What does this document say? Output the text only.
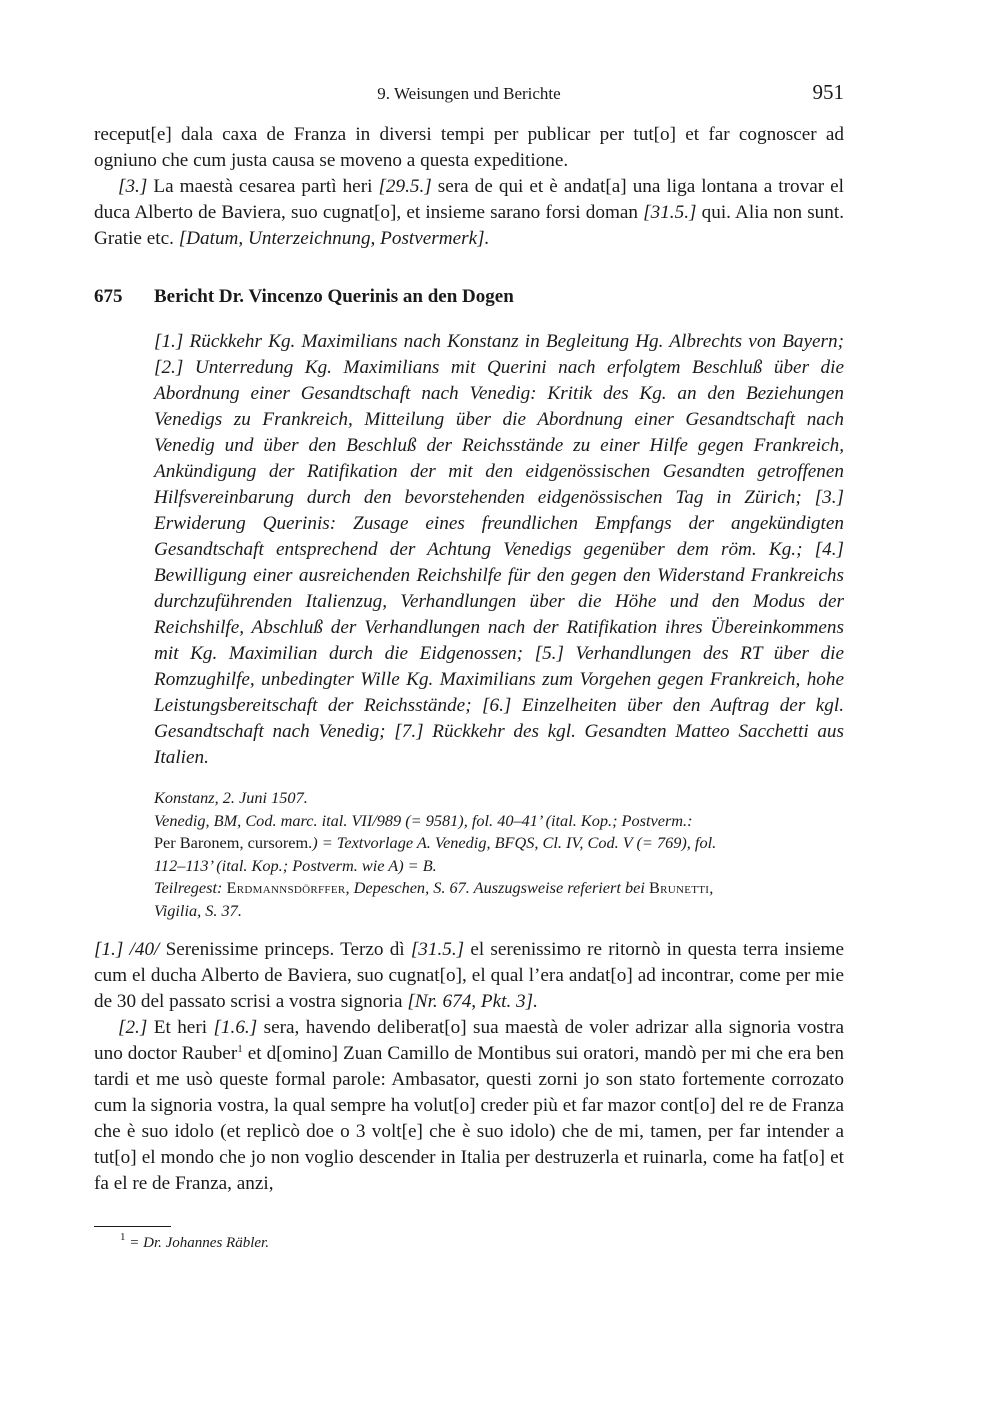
9. Weisungen und Berichte	951

receput[e] dala caxa de Franza in diversi tempi per publicar per tut[o] et far cognoscer ad ogniuno che cum justa causa se moveno a questa expeditione.

[3.] La maestà cesarea partì heri [29.5.] sera de qui et è andat[a] una liga lontana a trovar el duca Alberto de Baviera, suo cugnat[o], et insieme sarano forsi doman [31.5.] qui. Alia non sunt. Gratie etc. [Datum, Unterzeichnung, Postvermerk].

675 Bericht Dr. Vincenzo Querinis an den Dogen

[1.] Rückkehr Kg. Maximilians nach Konstanz in Begleitung Hg. Albrechts von Bayern; [2.] Unterredung Kg. Maximilians mit Querini nach erfolgtem Beschluß über die Abordnung einer Gesandtschaft nach Venedig: Kritik des Kg. an den Beziehungen Venedigs zu Frankreich, Mitteilung über die Abordnung einer Gesandtschaft nach Venedig und über den Beschluß der Reichsstände zu einer Hilfe gegen Frankreich, Ankündigung der Ratifikation der mit den eidgenössischen Gesandten getroffenen Hilfsvereinbarung durch den bevorstehenden eidgenössischen Tag in Zürich; [3.] Erwiderung Querinis: Zusage eines freundlichen Empfangs der angekündigten Gesandtschaft entsprechend der Achtung Venedigs gegenüber dem röm. Kg.; [4.] Bewilligung einer ausreichenden Reichshilfe für den gegen den Widerstand Frankreichs durchzuführenden Italienzug, Verhandlungen über die Höhe und den Modus der Reichshilfe, Abschluß der Verhandlungen nach der Ratifikation ihres Übereinkommens mit Kg. Maximilian durch die Eidgenossen; [5.] Verhandlungen des RT über die Romzughilfe, unbedingter Wille Kg. Maximilians zum Vorgehen gegen Frankreich, hohe Leistungsbereitschaft der Reichsstände; [6.] Einzelheiten über den Auftrag der kgl. Gesandtschaft nach Venedig; [7.] Rückkehr des kgl. Gesandten Matteo Sacchetti aus Italien.

Konstanz, 2. Juni 1507.
Venedig, BM, Cod. marc. ital. VII/989 (= 9581), fol. 40–41’ (ital. Kop.; Postverm.:
Per Baronem, cursorem.) = Textvorlage A. Venedig, BFQS, Cl. IV, Cod. V (= 769), fol.
112–113’ (ital. Kop.; Postverm. wie A) = B.
Teilregest: Erdmannsdörffer, Depeschen, S. 67. Auszugsweise referiert bei Brunetti,
Vigilia, S. 37.

[1.] /40/ Serenissime princeps. Terzo dì [31.5.] el serenissimo re ritornò in questa terra insieme cum el ducha Alberto de Baviera, suo cugnat[o], el qual l’era andat[o] ad incontrar, come per mie de 30 del passato scrisi a vostra signoria [Nr. 674, Pkt. 3].

[2.] Et heri [1.6.] sera, havendo deliberat[o] sua maestà de voler adrizar alla signoria vostra uno doctor Rauber$^1$ et d[omino] Zuan Camillo de Montibus sui oratori, mandò per mi che era ben tardi et me usò queste formal parole: Ambasator, questi zorni jo son stato fortemente corrozato cum la signoria vostra, la qual sempre ha volut[o] creder più et far mazor cont[o] del re de Franza che è suo idolo (et replicò doe o 3 volt[e] che è suo idolo) che de mi, tamen, per far intender a tut[o] el mondo che jo non voglio descender in Italia per destruzerla et ruinarla, come ha fat[o] et fa el re de Franza, anzi,

$^1$ = Dr. Johannes Räbler.
